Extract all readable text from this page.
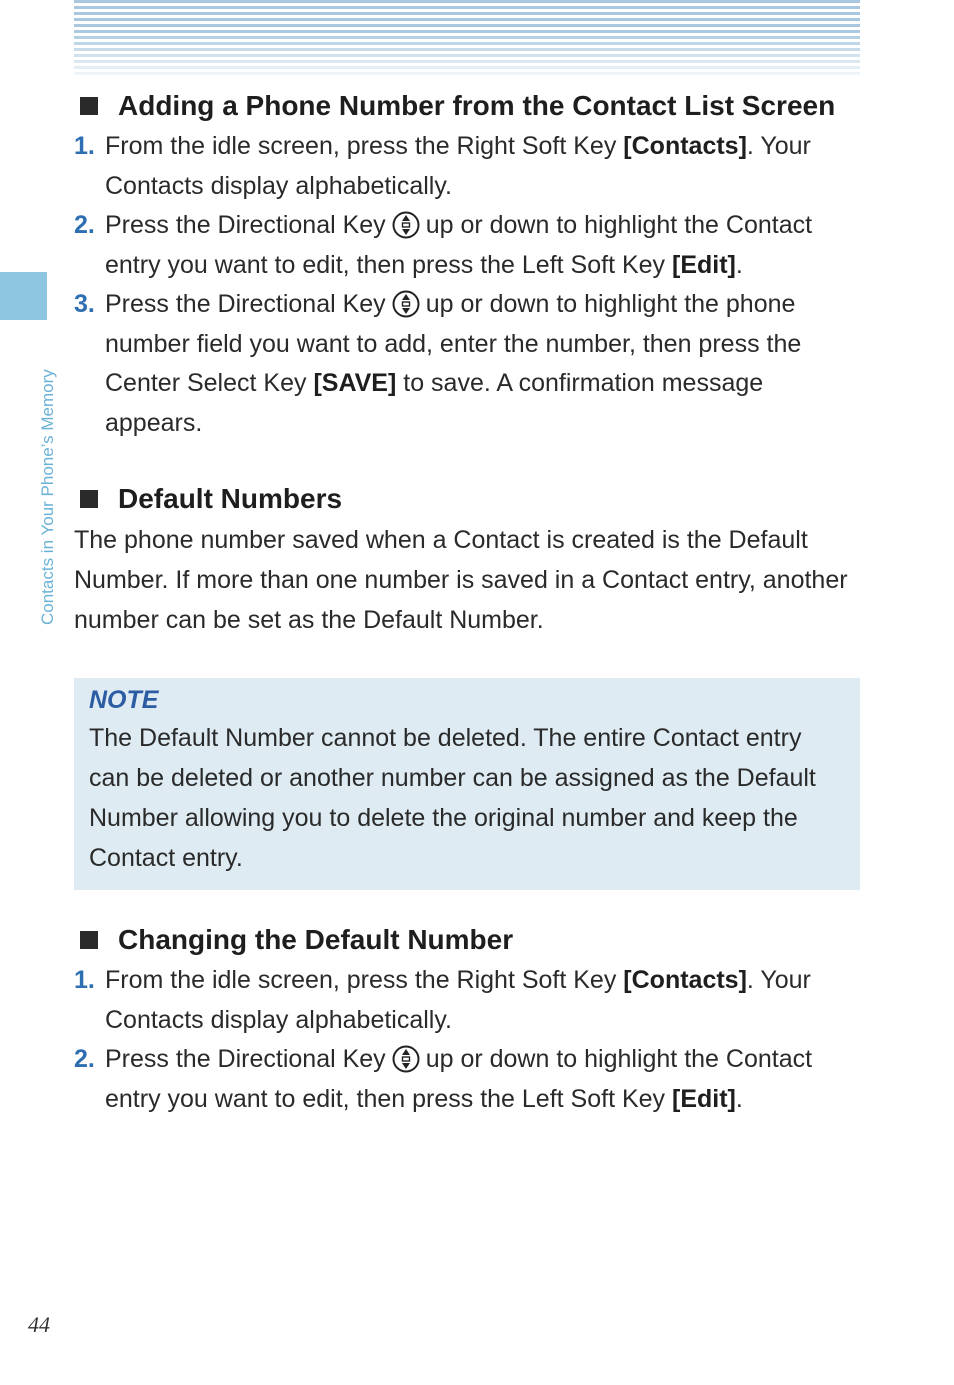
Contacts in Your Phone’s Memory
Adding a Phone Number from the Contact List Screen
1. From the idle screen, press the Right Soft Key [Contacts]. Your Contacts display alphabetically.
2. Press the Directional Key up or down to highlight the Contact entry you want to edit, then press the Left Soft Key [Edit].
3. Press the Directional Key up or down to highlight the phone number field you want to add, enter the number, then press the Center Select Key [SAVE] to save. A confirmation message appears.
Default Numbers

The phone number saved when a Contact is created is the Default Number. If more than one number is saved in a Contact entry, another number can be set as the Default Number.

NOTE
The Default Number cannot be deleted. The entire Contact entry can be deleted or another number can be assigned as the Default Number allowing you to delete the original number and keep the Contact entry.
Changing the Default Number
1. From the idle screen, press the Right Soft Key [Contacts]. Your Contacts display alphabetically.
2. Press the Directional Key up or down to highlight the Contact entry you want to edit, then press the Left Soft Key [Edit].
44
